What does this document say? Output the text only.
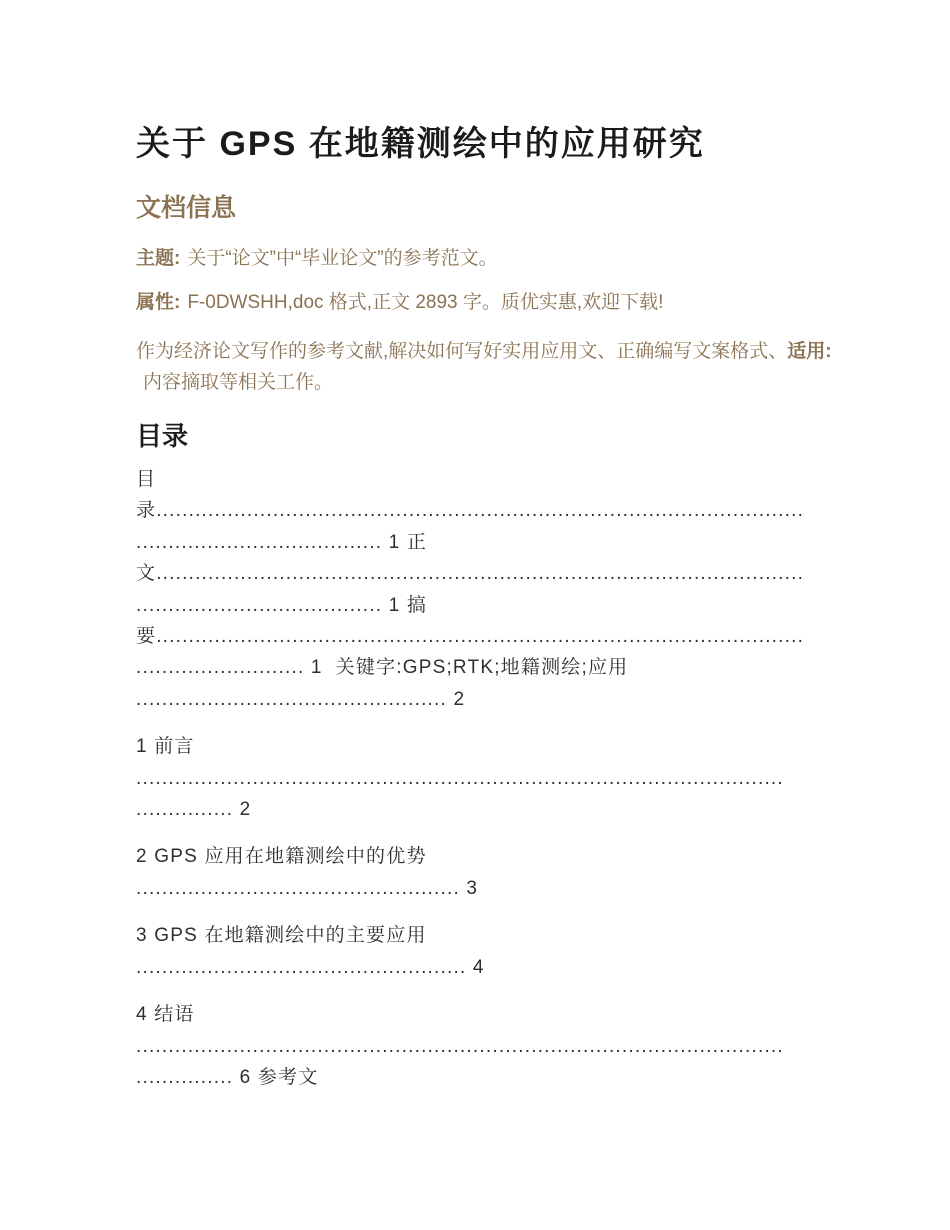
关于 GPS 在地籍测绘中的应用研究
文档信息

主题: 关于“论文”中“毕业论文”的参考范文。

属性: F-0DWSHH,doc 格式,正文 2893 字。质优实惠,欢迎下载!

作为经济论文写作的参考文献,解决如何写好实用应用文、正确编写文案格式、适用:
内容摘取等相关工作。
目录
目
录....................................................................................................
...................................... 1 正
文....................................................................................................
...................................... 1 搞
要....................................................................................................
.......................... 1  关键字:GPS;RTK;地籍测绘;应用
................................................ 2
1 前言
....................................................................................................
............... 2
2 GPS 应用在地籍测绘中的优势
.................................................. 3
3 GPS 在地籍测绘中的主要应用
................................................... 4
4 结语
....................................................................................................
............... 6 参考文
